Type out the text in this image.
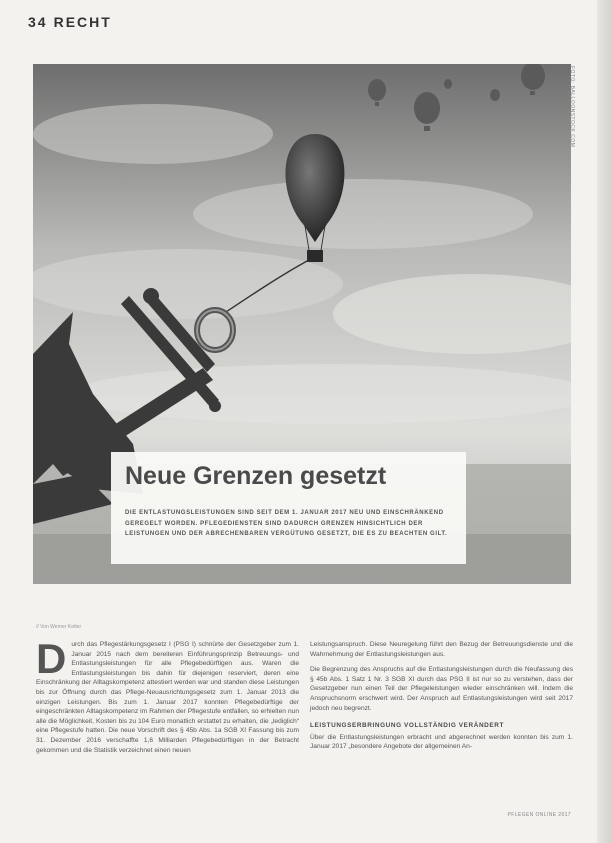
34 RECHT
FOTO: BALLOONSTOCK.COM
Neue Grenzen gesetzt
DIE ENTLASTUNGSLEISTUNGEN SIND SEIT DEM 1. JANUAR 2017 NEU UND EINSCHRÄNKEND GEREGELT WORDEN. PFLEGEDIENSTEN SIND DADURCH GRENZEN HINSICHTLICH DER LEISTUNGEN UND DER ABRECHENBAREN VERGÜTUNG GESETZT, DIE ES ZU BEACHTEN GILT.
// Von Werner Ketter

Durch das Pflegestärkungsgesetz I (PSG I) schnürte der Gesetzgeber zum 1. Januar 2015 nach dem bereiteren Einführungsprinzip Betreuungs- und Entlastungsleistungen für alle Pflegebedürftigen aus. Waren die Entlastungsleistungen bis dahin für diejenigen reserviert, deren eine Einschränkung der Alltagskompetenz attestiert werden war und standen diese Leistungen bis zur Öffnung durch das Pflege-Neuausrichtungsgesetz zum 1. Januar 2013 die einzigen Leistungen. Bis zum 1. Januar 2017 konnten Pflegebedürftige der eingeschränkten Alltagskompetenz im Rahmen der Pflegestufe entfallen, so erhielten nun alle die Möglichkeit, Kosten bis zu 104 Euro monatlich erstattet zu erhalten, die „lediglich“ eine Pflegestufe hatten. Die neue Vorschrift des § 45b Abs. 1a SGB XI Fassung bis zum 31. Dezember 2016 verschaffte 1,6 Milliarden Pflegebedürftigen in der Betracht gekommen und die Statistik verzeichnet einen neuen

Leistungsanspruch. Diese Neuregelung führt den Bezug der Betreuungsdienste und die Wahrnehmung der Entlastungsleistungen aus.

Die Begrenzung des Anspruchs auf die Entlastungsleistungen durch die Neufassung des § 45b Abs. 1 Satz 1 Nr. 3 SGB XI durch das PSG II ist nur so zu verstehen, dass der Gesetzgeber nun einen Teil der Pflegeleistungen wieder einschränken will. Indem die Anspruchsnorm erschwert wird. Der Anspruch auf Entlastungsleistungen wird seit 2017 jedoch neu begrenzt.

LEISTUNGSERBRINGUNG VOLLSTÄNDIG VERÄNDERT

Über die Entlastungsleistungen erbracht und abgerechnet werden konnten bis zum 1. Januar 2017 „besondere Angebote der allgemeinen An-

PFLEGEN ONLINE 2017
